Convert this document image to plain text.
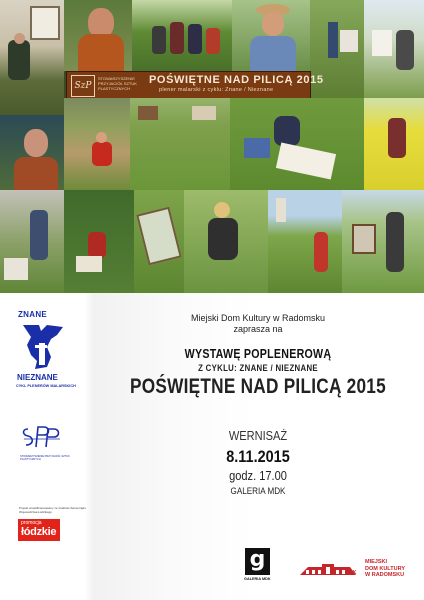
SzP
STOWARZYSZENIE PRZYJACIÓŁ SZTUK PLASTYCZNYCH
POŚWIĘTNE NAD PILICĄ 2015
plener malarski z cyklu: Znane / Nieznane
ZNANE
NIEZNANE
CYKL PLENERÓW MALARSKICH
STOWARZYSZENIE PRZYJACIÓŁ SZTUK PLASTYCZNYCH
Projekt współfinansowany ze środków Samorządu Województwa Łódzkiego
promocja
łódzkie
Miejski Dom Kultury w Radomsku
zaprasza na
WYSTAWĘ POPLENEROWĄ
Z CYKLU: ZNANE / NIEZNANE
POŚWIĘTNE NAD PILICĄ 2015
WERNISAŻ
8.11.2015
godz. 17.00
GALERIA MDK
g
GALERIA MDK
MDK
MIEJSKI
DOM KULTURY
W RADOMSKU
